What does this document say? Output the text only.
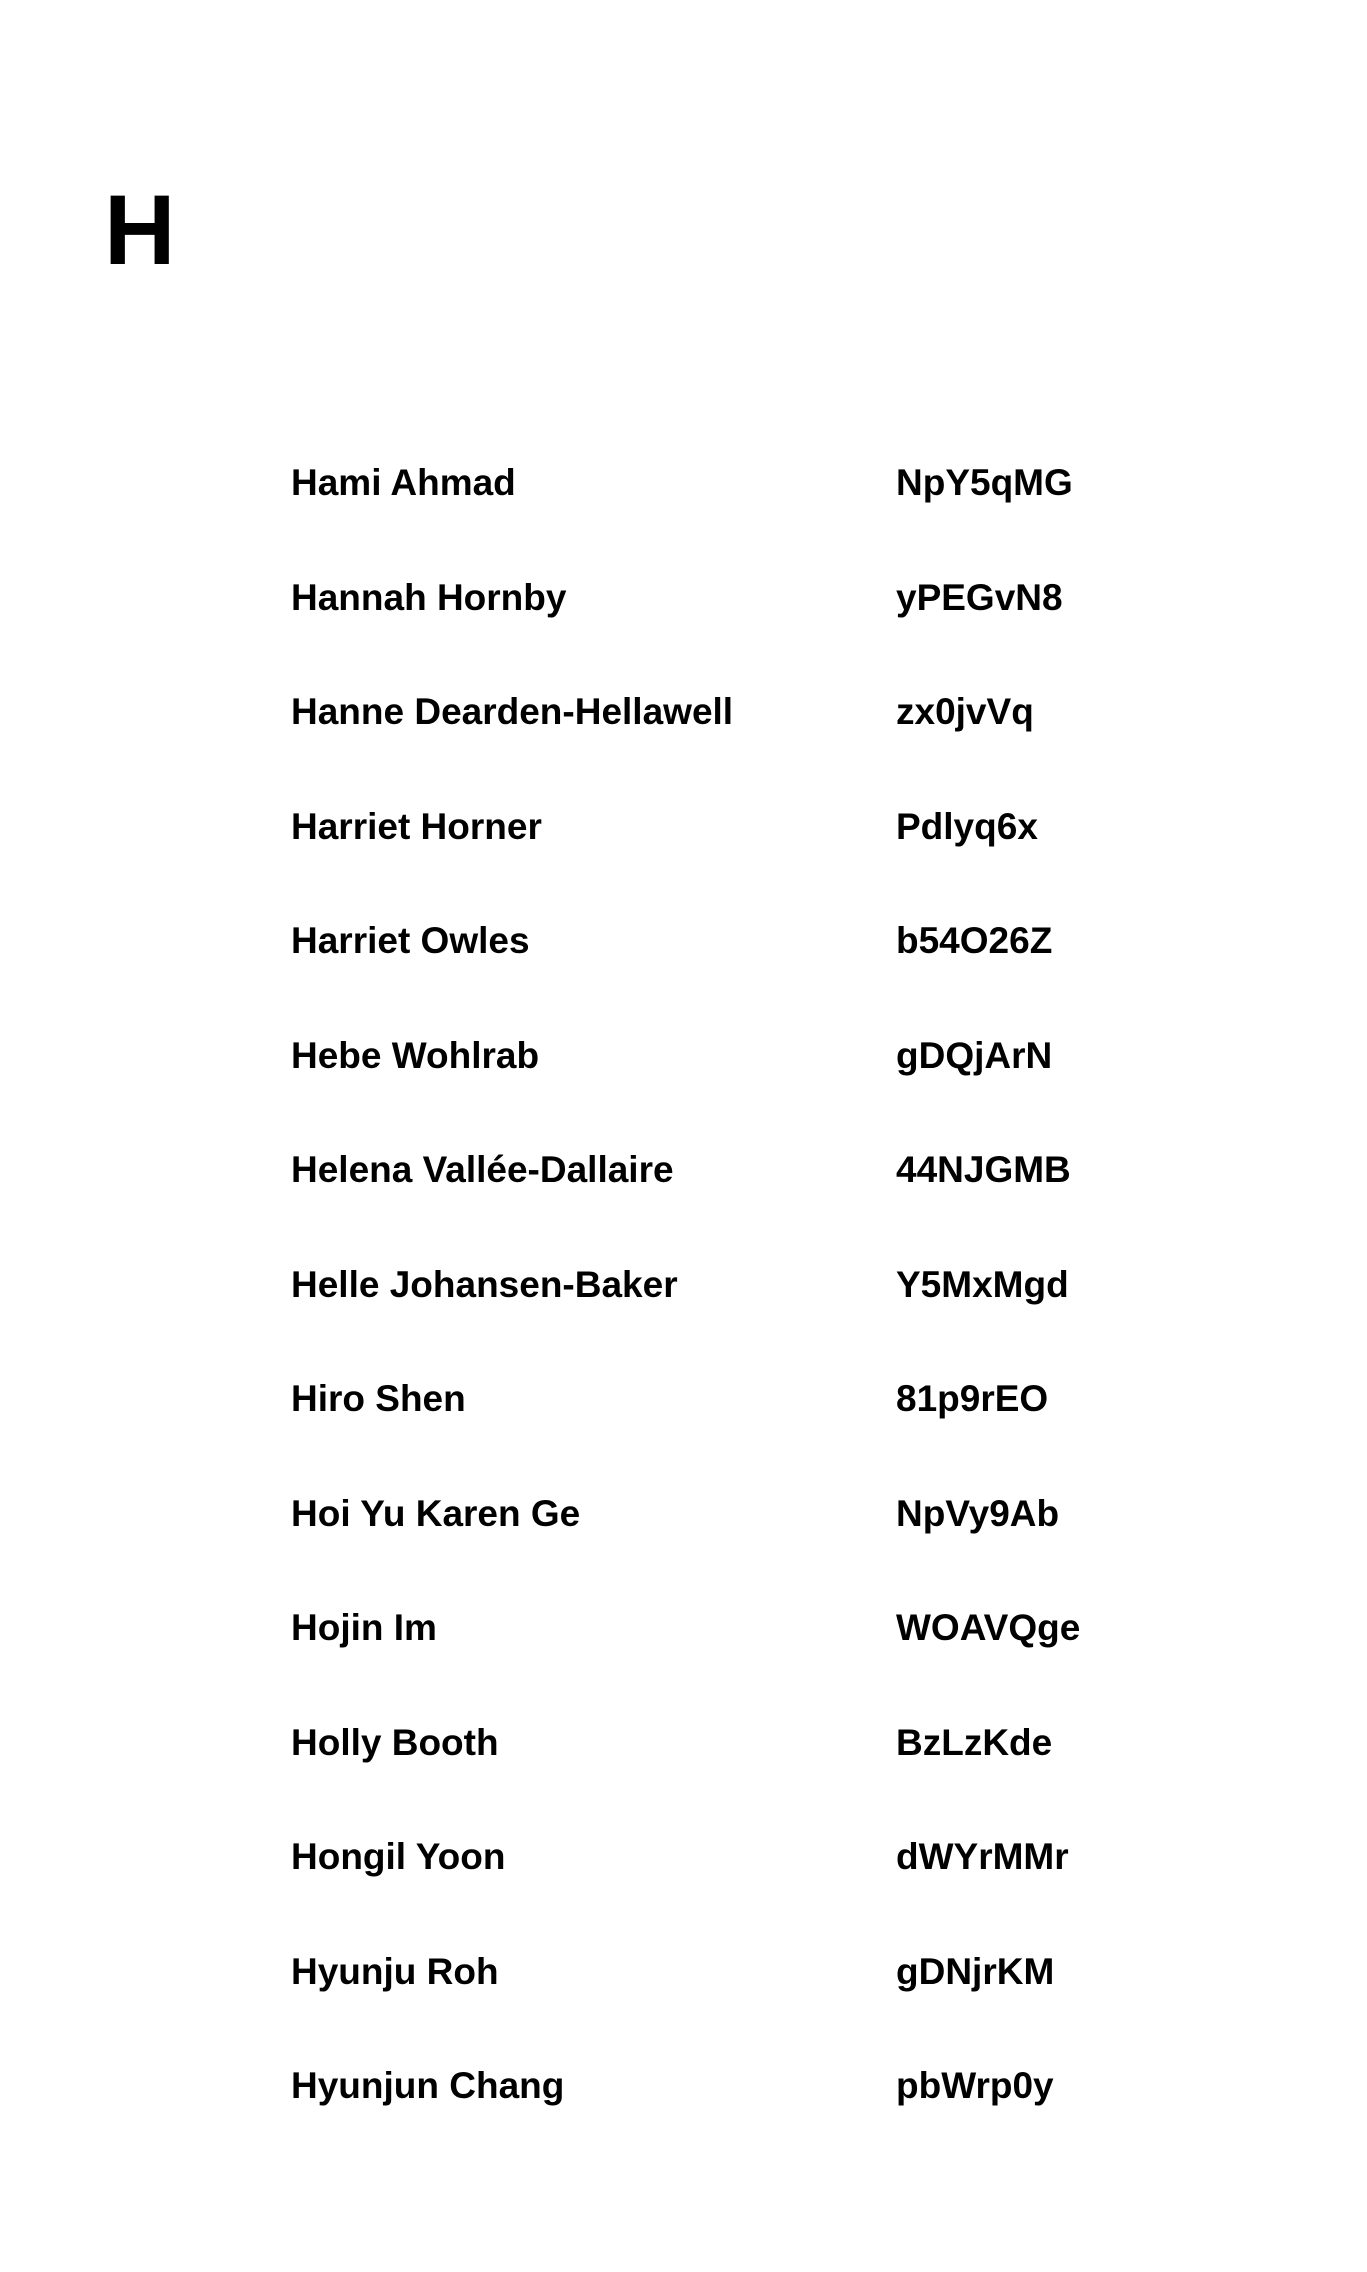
H
Hami Ahmad	NpY5qMG
Hannah Hornby	yPEGvN8
Hanne Dearden-Hellawell	zx0jvVq
Harriet Horner	Pdlyq6x
Harriet Owles	b54O26Z
Hebe Wohlrab	gDQjArN
Helena Vallée-Dallaire	44NJGMB
Helle Johansen-Baker	Y5MxMgd
Hiro Shen	81p9rEO
Hoi Yu Karen Ge	NpVy9Ab
Hojin Im	WOAVQge
Holly Booth	BzLzKde
Hongil Yoon	dWYrMMr
Hyunju Roh	gDNjrKM
Hyunjun Chang	pbWrp0y
